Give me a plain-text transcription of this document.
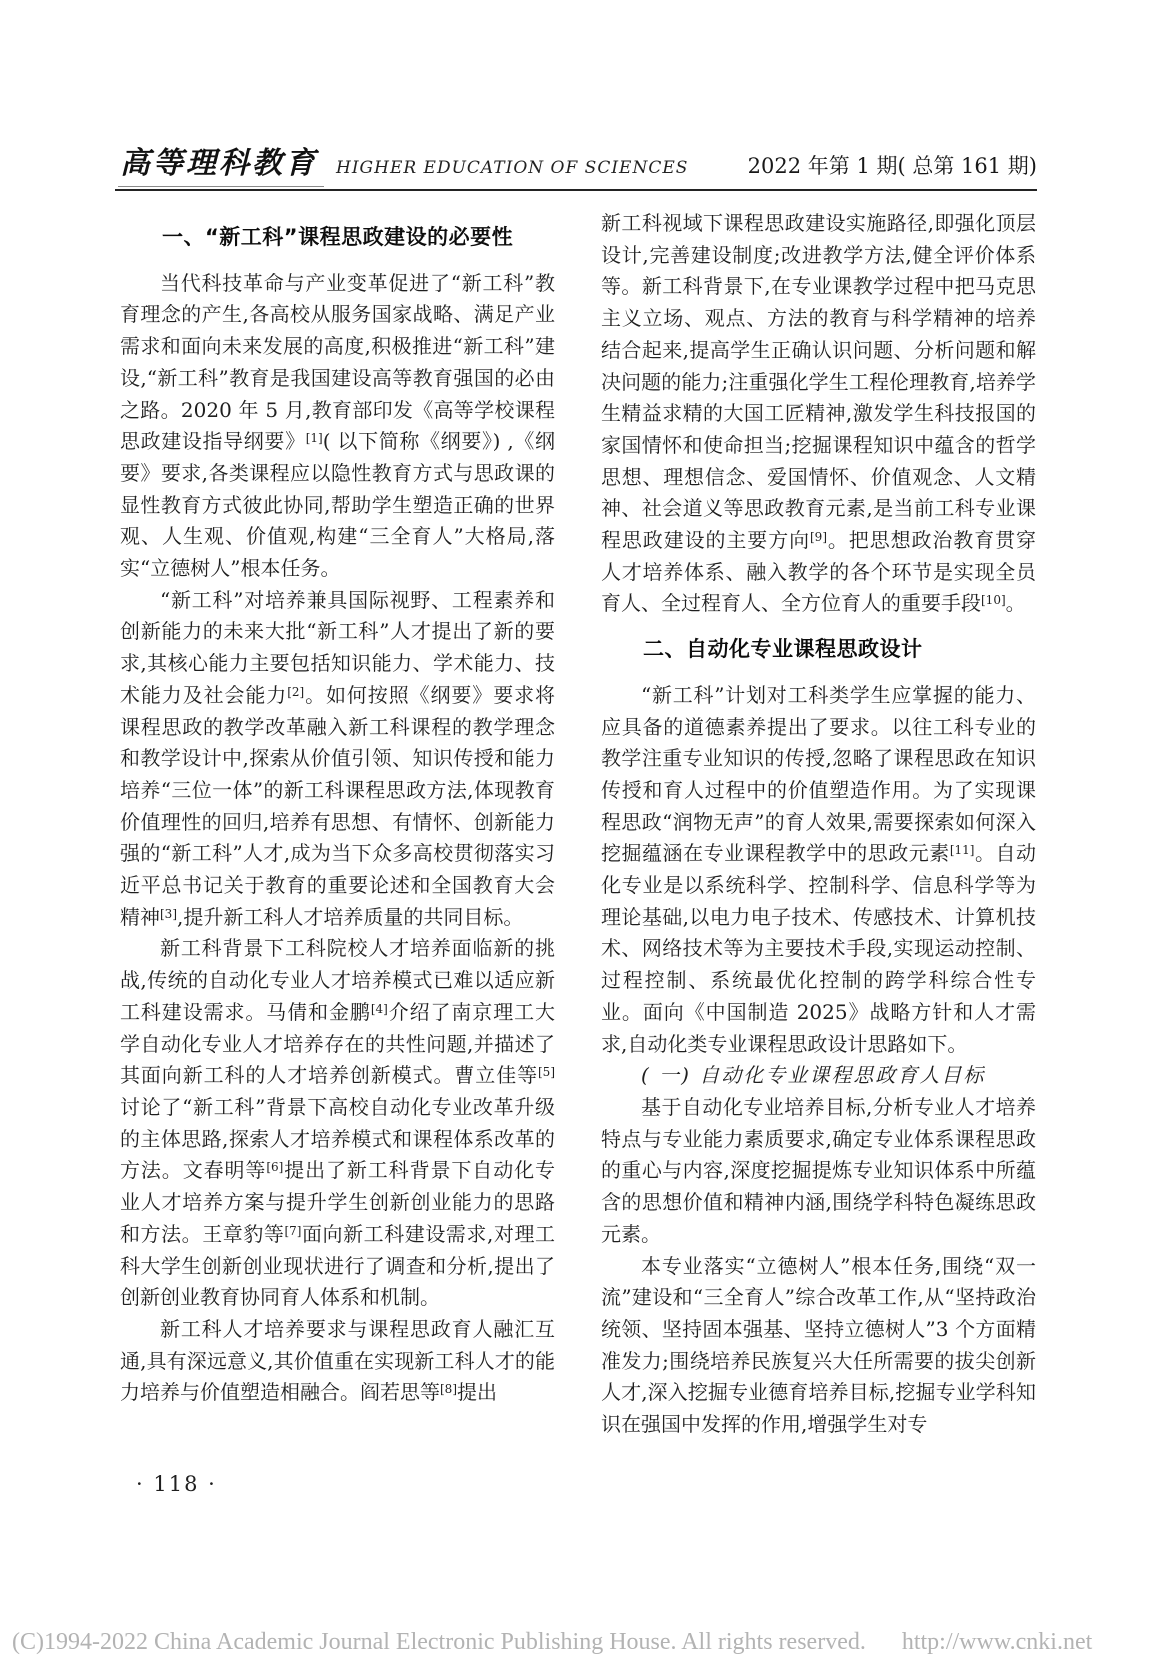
高等理科教育	HIGHER EDUCATION OF SCIENCES	2022 年第 1 期( 总第 161 期)
一、“新工科”课程思政建设的必要性

当代科技革命与产业变革促进了“新工科”教育理念的产生,各高校从服务国家战略、满足产业需求和面向未来发展的高度,积极推进“新工科”建设,“新工科”教育是我国建设高等教育强国的必由之路。2020 年 5 月,教育部印发《高等学校课程思政建设指导纲要》[1]( 以下简称《纲要》) ,《纲要》要求,各类课程应以隐性教育方式与思政课的显性教育方式彼此协同,帮助学生塑造正确的世界观、人生观、价值观,构建“三全育人”大格局,落实“立德树人”根本任务。

“新工科”对培养兼具国际视野、工程素养和创新能力的未来大批“新工科”人才提出了新的要求,其核心能力主要包括知识能力、学术能力、技术能力及社会能力[2]。如何按照《纲要》要求将课程思政的教学改革融入新工科课程的教学理念和教学设计中,探索从价值引领、知识传授和能力培养“三位一体”的新工科课程思政方法,体现教育价值理性的回归,培养有思想、有情怀、创新能力强的“新工科”人才,成为当下众多高校贯彻落实习近平总书记关于教育的重要论述和全国教育大会精神[3],提升新工科人才培养质量的共同目标。

新工科背景下工科院校人才培养面临新的挑战,传统的自动化专业人才培养模式已难以适应新工科建设需求。马倩和金鹏[4]介绍了南京理工大学自动化专业人才培养存在的共性问题,并描述了其面向新工科的人才培养创新模式。曹立佳等[5]讨论了“新工科”背景下高校自动化专业改革升级的主体思路,探索人才培养模式和课程体系改革的方法。文春明等[6]提出了新工科背景下自动化专业人才培养方案与提升学生创新创业能力的思路和方法。王章豹等[7]面向新工科建设需求,对理工科大学生创新创业现状进行了调查和分析,提出了创新创业教育协同育人体系和机制。

新工科人才培养要求与课程思政育人融汇互通,具有深远意义,其价值重在实现新工科人才的能力培养与价值塑造相融合。阎若思等[8]提出

新工科视域下课程思政建设实施路径,即强化顶层设计,完善建设制度;改进教学方法,健全评价体系等。新工科背景下,在专业课教学过程中把马克思主义立场、观点、方法的教育与科学精神的培养结合起来,提高学生正确认识问题、分析问题和解决问题的能力;注重强化学生工程伦理教育,培养学生精益求精的大国工匠精神,激发学生科技报国的家国情怀和使命担当;挖掘课程知识中蕴含的哲学思想、理想信念、爱国情怀、价值观念、人文精神、社会道义等思政教育元素,是当前工科专业课程思政建设的主要方向[9]。把思想政治教育贯穿人才培养体系、融入教学的各个环节是实现全员育人、全过程育人、全方位育人的重要手段[10]。

二、自动化专业课程思政设计

“新工科”计划对工科类学生应掌握的能力、应具备的道德素养提出了要求。以往工科专业的教学注重专业知识的传授,忽略了课程思政在知识传授和育人过程中的价值塑造作用。为了实现课程思政“润物无声”的育人效果,需要探索如何深入挖掘蕴涵在专业课程教学中的思政元素[11]。自动化专业是以系统科学、控制科学、信息科学等为理论基础,以电力电子技术、传感技术、计算机技术、网络技术等为主要技术手段,实现运动控制、过程控制、系统最优化控制的跨学科综合性专业。面向《中国制造 2025》战略方针和人才需求,自动化类专业课程思政设计思路如下。

( 一) 自动化专业课程思政育人目标

基于自动化专业培养目标,分析专业人才培养特点与专业能力素质要求,确定专业体系课程思政的重心与内容,深度挖掘提炼专业知识体系中所蕴含的思想价值和精神内涵,围绕学科特色凝练思政元素。

本专业落实“立德树人”根本任务,围绕“双一流”建设和“三全育人”综合改革工作,从“坚持政治统领、坚持固本强基、坚持立德树人”3 个方面精准发力;围绕培养民族复兴大任所需要的拔尖创新人才,深入挖掘专业德育培养目标,挖掘专业学科知识在强国中发挥的作用,增强学生对专

· 118 ·
(C)1994-2022 China Academic Journal Electronic Publishing House. All rights reserved. http://www.cnki.net
